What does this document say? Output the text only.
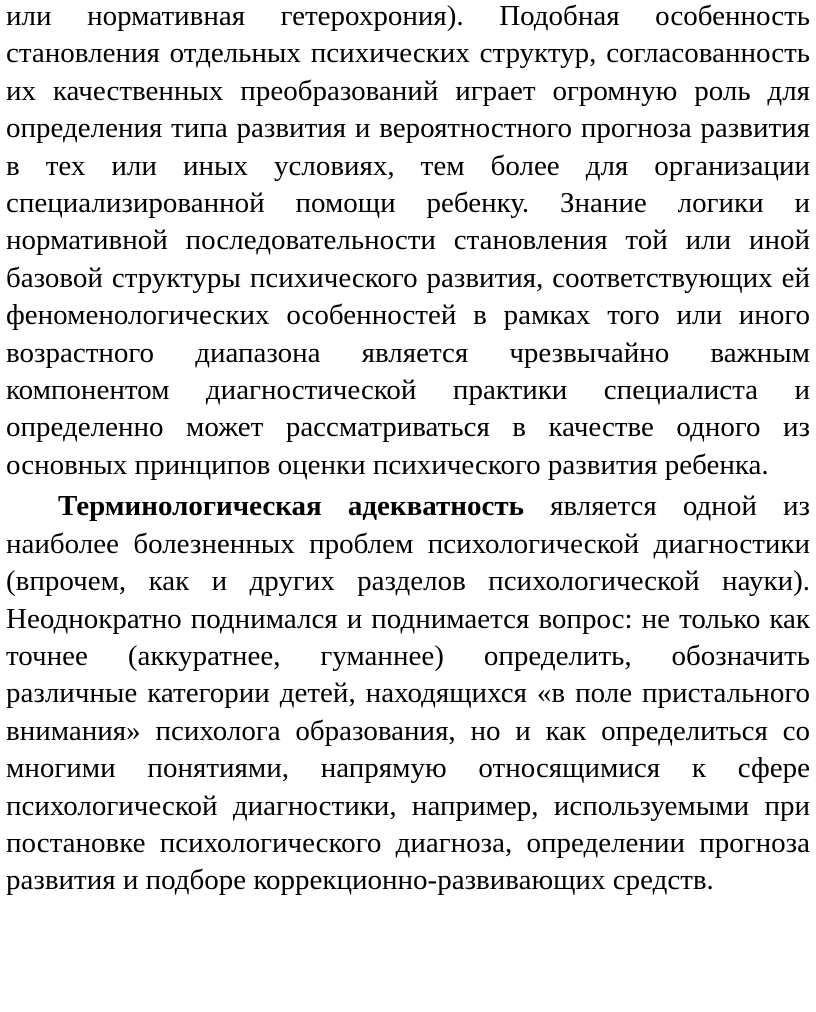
или нормативная гетерохрония). Подобная особенность становления отдельных психических структур, согласованность их качественных преобразований играет огромную роль для определения типа развития и вероятностного прогноза развития в тех или иных условиях, тем более для организации специализированной помощи ребенку. Знание логики и нормативной последовательности становления той или иной базовой структуры психического развития, соответствующих ей феноменологических особенностей в рамках того или иного возрастного диапазона является чрезвычайно важным компонентом диагностической практики специалиста и определенно может рассматриваться в качестве одного из основных принципов оценки психического развития ребенка.

Терминологическая адекватность является одной из наиболее болезненных проблем психологической диагностики (впрочем, как и других разделов психологической науки). Неоднократно поднимался и поднимается вопрос: не только как точнее (аккуратнее, гуманнее) определить, обозначить различные категории детей, находящихся «в поле пристального внимания» психолога образования, но и как определиться со многими понятиями, напрямую относящимися к сфере психологической диагностики, например, используемыми при постановке психологического диагноза, определении прогноза развития и подборе коррекционно-развивающих средств.
